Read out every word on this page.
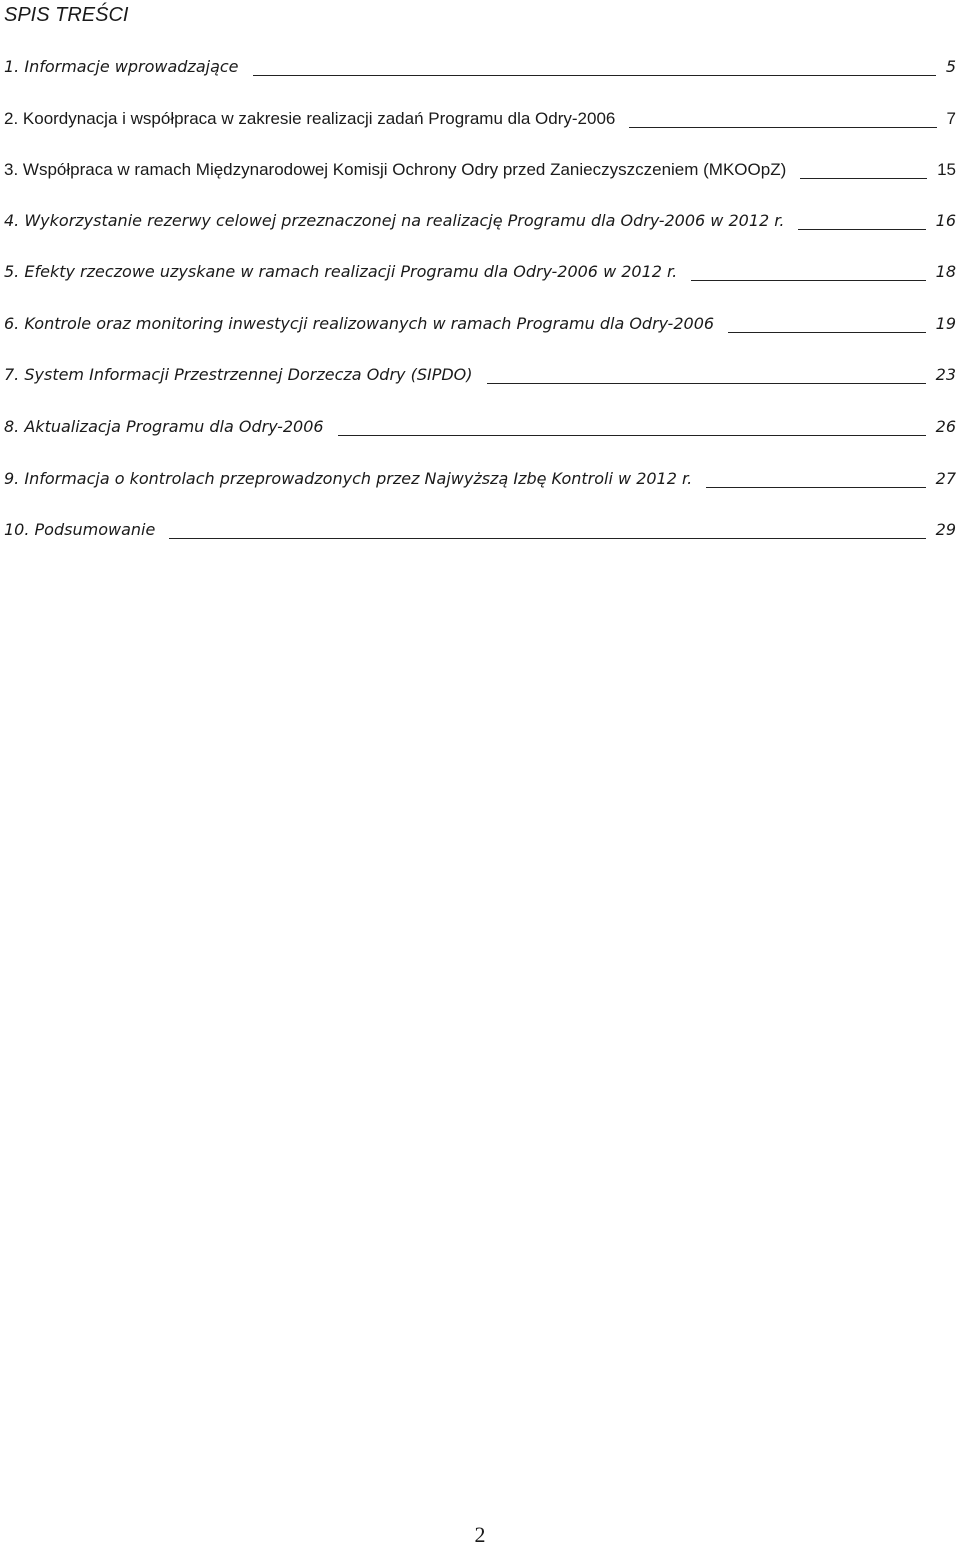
SPIS TREŚCI
1. Informacje wprowadzające	5
2. Koordynacja i współpraca w zakresie realizacji zadań Programu dla Odry-2006	7
3. Współpraca w ramach Międzynarodowej Komisji Ochrony Odry przed Zanieczyszczeniem (MKOOpZ)	15
4. Wykorzystanie rezerwy celowej przeznaczonej na realizację Programu dla Odry-2006 w 2012 r.	16
5. Efekty rzeczowe uzyskane w ramach realizacji Programu dla Odry-2006 w 2012 r.	18
6. Kontrole oraz monitoring inwestycji realizowanych w ramach Programu dla Odry-2006	19
7. System Informacji Przestrzennej Dorzecza Odry (SIPDO)	23
8. Aktualizacja Programu dla Odry-2006	26
9. Informacja o kontrolach przeprowadzonych przez Najwyższą Izbę Kontroli w 2012 r.	27
10. Podsumowanie	29
2
